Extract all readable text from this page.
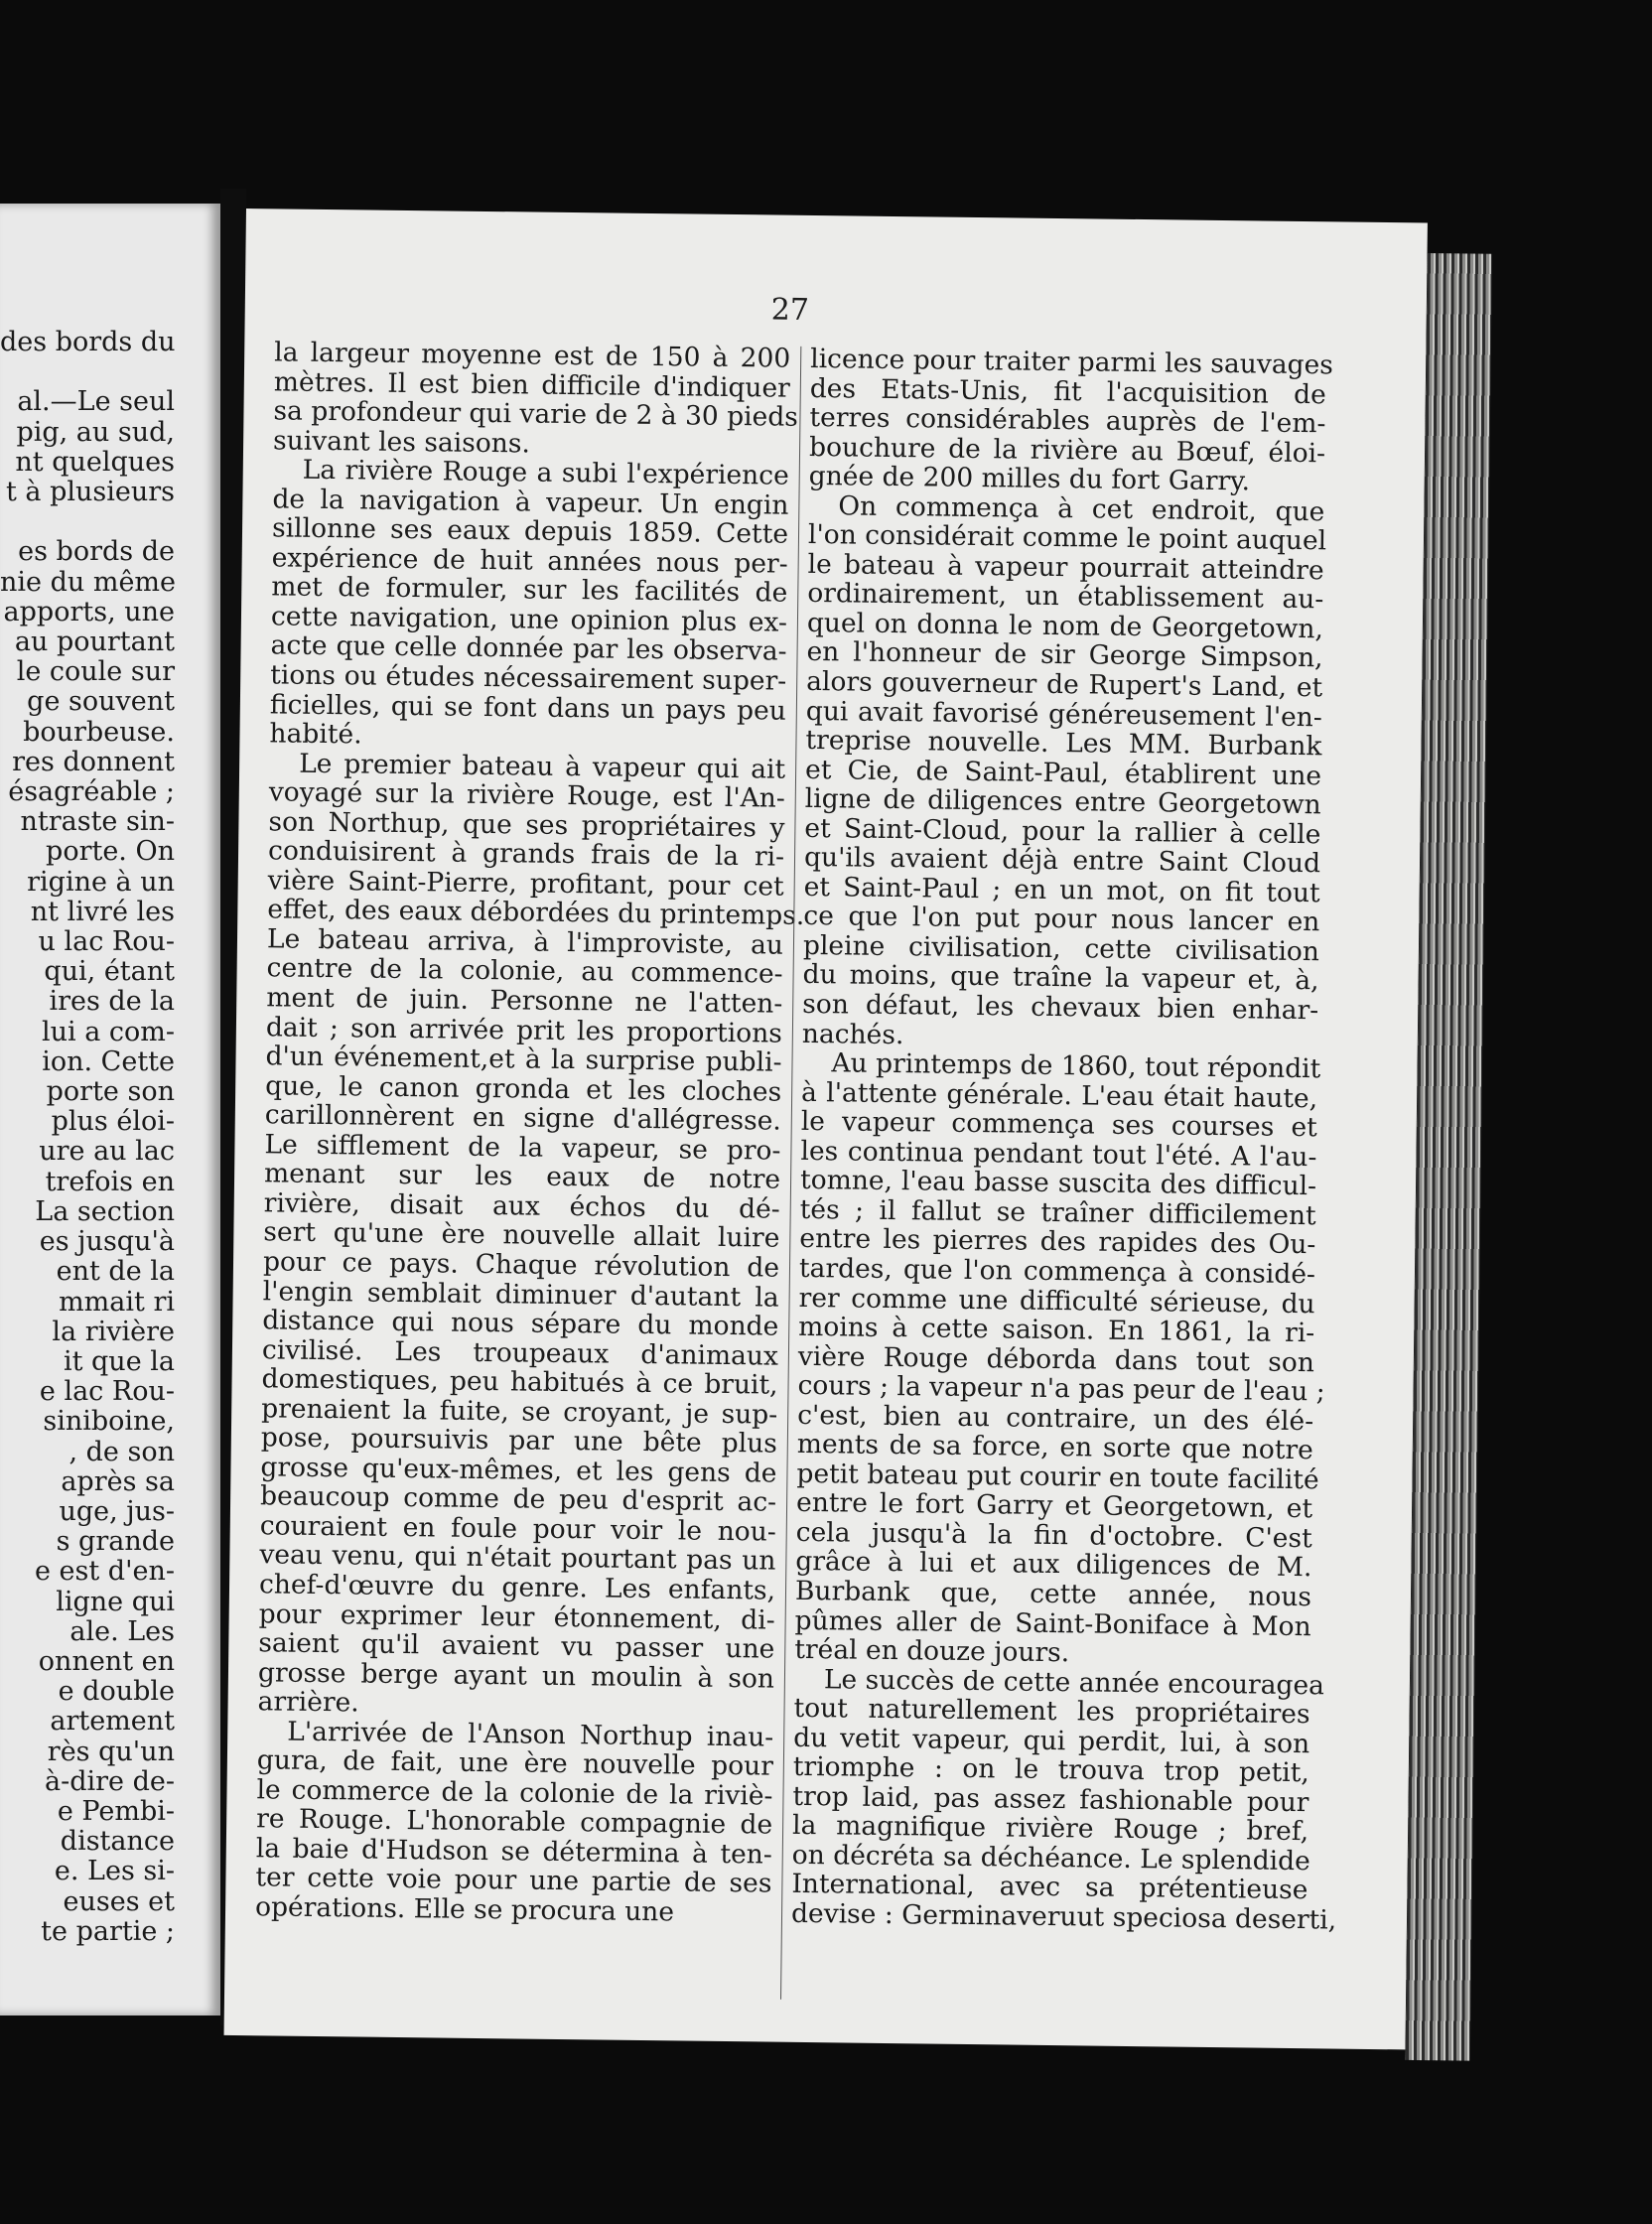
des bords du

al.—Le seul
pig, au sud,
nt quelques
t à plusieurs

es bords de
nie du même
apports, une
au pourtant
le coule sur
ge souvent
bourbeuse.
res donnent
ésagréable ;
ntraste sin-
porte. On
rigine à un
nt livré les
u lac Rou-
qui, étant
ires de la
lui a com-
ion. Cette
porte son
plus éloi-
ure au lac
trefois en
La section
es jusqu'à
ent de la
mmait ri
la rivière
it que la
e lac Rou-
siniboine,
, de son
après sa
uge, jus-
s grande
e est d'en-
ligne qui
ale. Les
onnent en
e double
artement
rès qu'un
à-dire de-
e Pembi-
distance
e. Les si-
euses et
te partie ;
27
la largeur moyenne est de 150 à 200
mètres. Il est bien difficile d'indiquer
sa profondeur qui varie de 2 à 30 pieds
suivant les saisons.
La rivière Rouge a subi l'expérience
de la navigation à vapeur. Un engin
sillonne ses eaux depuis 1859. Cette
expérience de huit années nous per-
met de formuler, sur les facilités de
cette navigation, une opinion plus ex-
acte que celle donnée par les observa-
tions ou études nécessairement super-
ficielles, qui se font dans un pays peu
habité.
Le premier bateau à vapeur qui ait
voyagé sur la rivière Rouge, est l'An-
son Northup, que ses propriétaires y
conduisirent à grands frais de la ri-
vière Saint-Pierre, profitant, pour cet
effet, des eaux débordées du printemps.
Le bateau arriva, à l'improviste, au
centre de la colonie, au commence-
ment de juin. Personne ne l'atten-
dait ; son arrivée prit les proportions
d'un événement,et à la surprise publi-
que, le canon gronda et les cloches
carillonnèrent en signe d'allégresse.
Le sifflement de la vapeur, se pro-
menant sur les eaux de notre
rivière, disait aux échos du dé-
sert qu'une ère nouvelle allait luire
pour ce pays. Chaque révolution de
l'engin semblait diminuer d'autant la
distance qui nous sépare du monde
civilisé. Les troupeaux d'animaux
domestiques, peu habitués à ce bruit,
prenaient la fuite, se croyant, je sup-
pose, poursuivis par une bête plus
grosse qu'eux-mêmes, et les gens de
beaucoup comme de peu d'esprit ac-
couraient en foule pour voir le nou-
veau venu, qui n'était pourtant pas un
chef-d'œuvre du genre. Les enfants,
pour exprimer leur étonnement, di-
saient qu'il avaient vu passer une
grosse berge ayant un moulin à son
arrière.
L'arrivée de l'Anson Northup inau-
gura, de fait, une ère nouvelle pour
le commerce de la colonie de la riviè-
re Rouge. L'honorable compagnie de
la baie d'Hudson se détermina à ten-
ter cette voie pour une partie de ses
opérations. Elle se procura une
licence pour traiter parmi les sauvages
des Etats-Unis, fit l'acquisition de
terres considérables auprès de l'em-
bouchure de la rivière au Bœuf, éloi-
gnée de 200 milles du fort Garry.
On commença à cet endroit, que
l'on considérait comme le point auquel
le bateau à vapeur pourrait atteindre
ordinairement, un établissement au-
quel on donna le nom de Georgetown,
en l'honneur de sir George Simpson,
alors gouverneur de Rupert's Land, et
qui avait favorisé généreusement l'en-
treprise nouvelle. Les MM. Burbank
et Cie, de Saint-Paul, établirent une
ligne de diligences entre Georgetown
et Saint-Cloud, pour la rallier à celle
qu'ils avaient déjà entre Saint Cloud
et Saint-Paul ; en un mot, on fit tout
ce que l'on put pour nous lancer en
pleine civilisation, cette civilisation
du moins, que traîne la vapeur et, à,
son défaut, les chevaux bien enhar-
nachés.
Au printemps de 1860, tout répondit
à l'attente générale. L'eau était haute,
le vapeur commença ses courses et
les continua pendant tout l'été. A l'au-
tomne, l'eau basse suscita des difficul-
tés ; il fallut se traîner difficilement
entre les pierres des rapides des Ou-
tardes, que l'on commença à considé-
rer comme une difficulté sérieuse, du
moins à cette saison. En 1861, la ri-
vière Rouge déborda dans tout son
cours ; la vapeur n'a pas peur de l'eau ;
c'est, bien au contraire, un des élé-
ments de sa force, en sorte que notre
petit bateau put courir en toute facilité
entre le fort Garry et Georgetown, et
cela jusqu'à la fin d'octobre. C'est
grâce à lui et aux diligences de M.
Burbank que, cette année, nous
pûmes aller de Saint-Boniface à Mon
tréal en douze jours.
Le succès de cette année encouragea
tout naturellement les propriétaires
du vetit vapeur, qui perdit, lui, à son
triomphe : on le trouva trop petit,
trop laid, pas assez fashionable pour
la magnifique rivière Rouge ; bref,
on décréta sa déchéance. Le splendide
International, avec sa prétentieuse
devise : Germinaveruut speciosa deserti,
